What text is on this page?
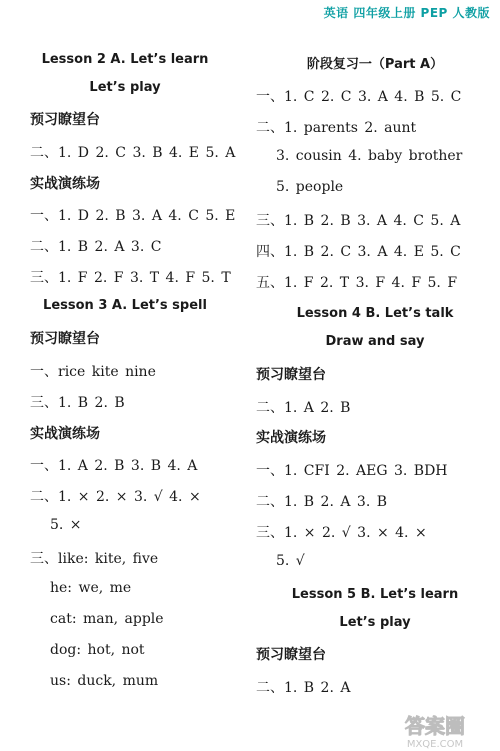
英语 四年级上册 PEP 人教版
Lesson 2 A. Let’s learn
Let’s play
预习瞭望台
二、1. D 2. C 3. B 4. E 5. A
实战演练场
一、1. D 2. B 3. A 4. C 5. E
二、1. B 2. A 3. C
三、1. F 2. F 3. T 4. F 5. T
Lesson 3 A. Let’s spell
预习瞭望台
一、rice kite nine
三、1. B 2. B
实战演练场
一、1. A 2. B 3. B 4. A
二、1. × 2. × 3. √ 4. ×
5. ×
三、like: kite, five
he: we, me
cat: man, apple
dog: hot, not
us: duck, mum
阶段复习一（Part A）
一、1. C 2. C 3. A 4. B 5. C
二、1. parents 2. aunt
3. cousin 4. baby brother
5. people
三、1. B 2. B 3. A 4. C 5. A
四、1. B 2. C 3. A 4. E 5. C
五、1. F 2. T 3. F 4. F 5. F
Lesson 4 B. Let’s talk
Draw and say
预习瞭望台
二、1. A 2. B
实战演练场
一、1. CFI 2. AEG 3. BDH
二、1. B 2. A 3. B
三、1. × 2. √ 3. × 4. ×
5. √
Lesson 5 B. Let’s learn
Let’s play
预习瞭望台
二、1. B 2. A
答案圈
MXQE.COM
